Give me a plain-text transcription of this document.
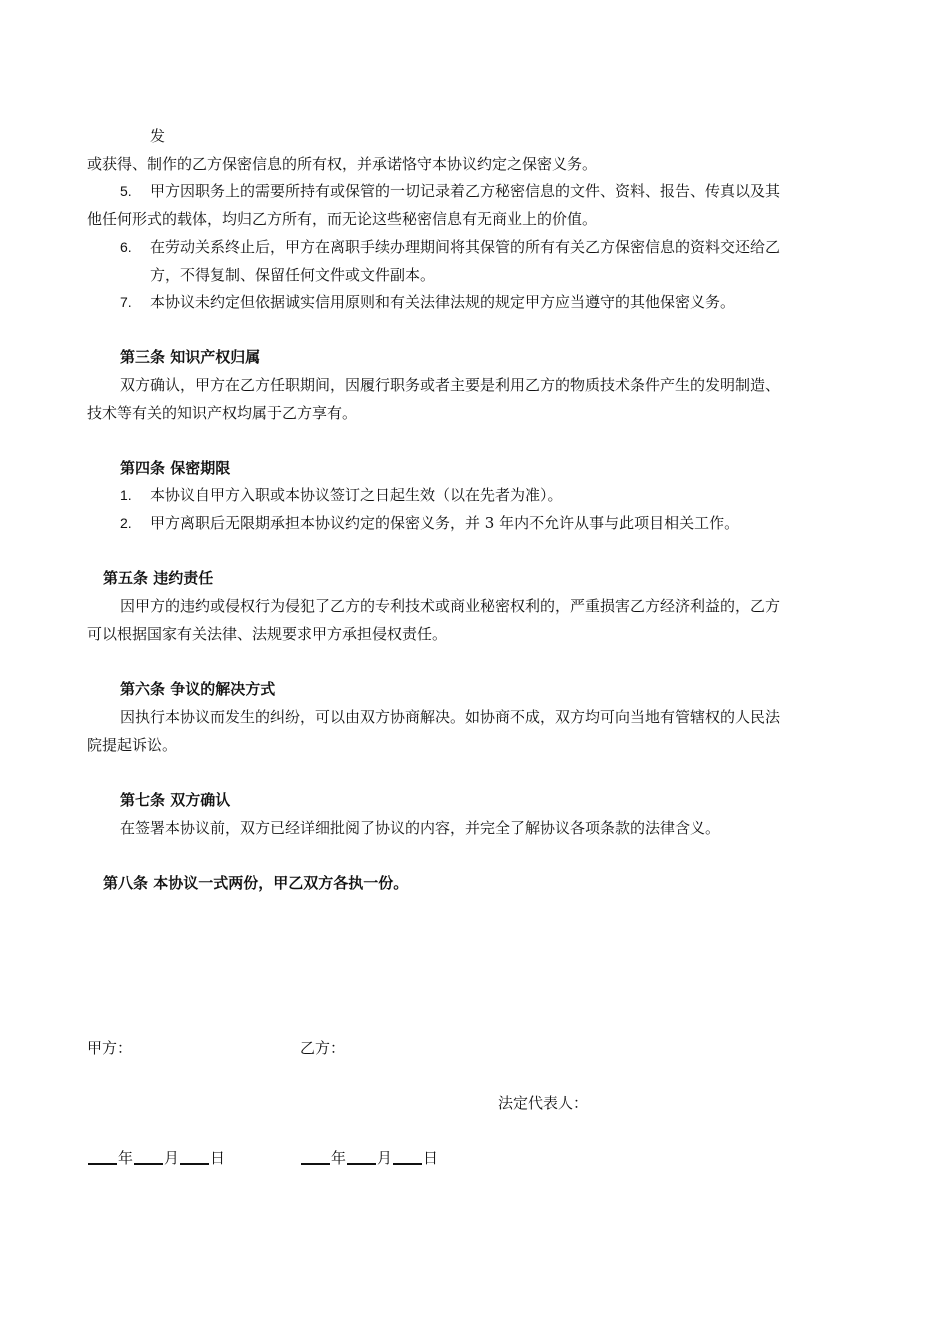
发
或获得、制作的乙方保密信息的所有权，并承诺恪守本协议约定之保密义务。
5. 甲方因职务上的需要所持有或保管的一切记录着乙方秘密信息的文件、资料、报告、传真以及其
他任何形式的载体，均归乙方所有，而无论这些秘密信息有无商业上的价值。
6. 在劳动关系终止后，甲方在离职手续办理期间将其保管的所有有关乙方保密信息的资料交还给乙
方，不得复制、保留任何文件或文件副本。
7. 本协议未约定但依据诚实信用原则和有关法律法规的规定甲方应当遵守的其他保密义务。
第三条 知识产权归属
双方确认，甲方在乙方任职期间，因履行职务或者主要是利用乙方的物质技术条件产生的发明制造、
技术等有关的知识产权均属于乙方享有。
第四条 保密期限
1. 本协议自甲方入职或本协议签订之日起生效（以在先者为准）。
2. 甲方离职后无限期承担本协议约定的保密义务，并 3 年内不允许从事与此项目相关工作。
第五条 违约责任
因甲方的违约或侵权行为侵犯了乙方的专利技术或商业秘密权利的，严重损害乙方经济利益的，乙方
可以根据国家有关法律、法规要求甲方承担侵权责任。
第六条 争议的解决方式
因执行本协议而发生的纠纷，可以由双方协商解决。如协商不成，双方均可向当地有管辖权的人民法
院提起诉讼。
第七条 双方确认
在签署本协议前，双方已经详细批阅了协议的内容，并完全了解协议各项条款的法律含义。
第八条 本协议一式两份，甲乙双方各执一份。
甲方：	乙方：
法定代表人：
年 月 日	年 月 日
